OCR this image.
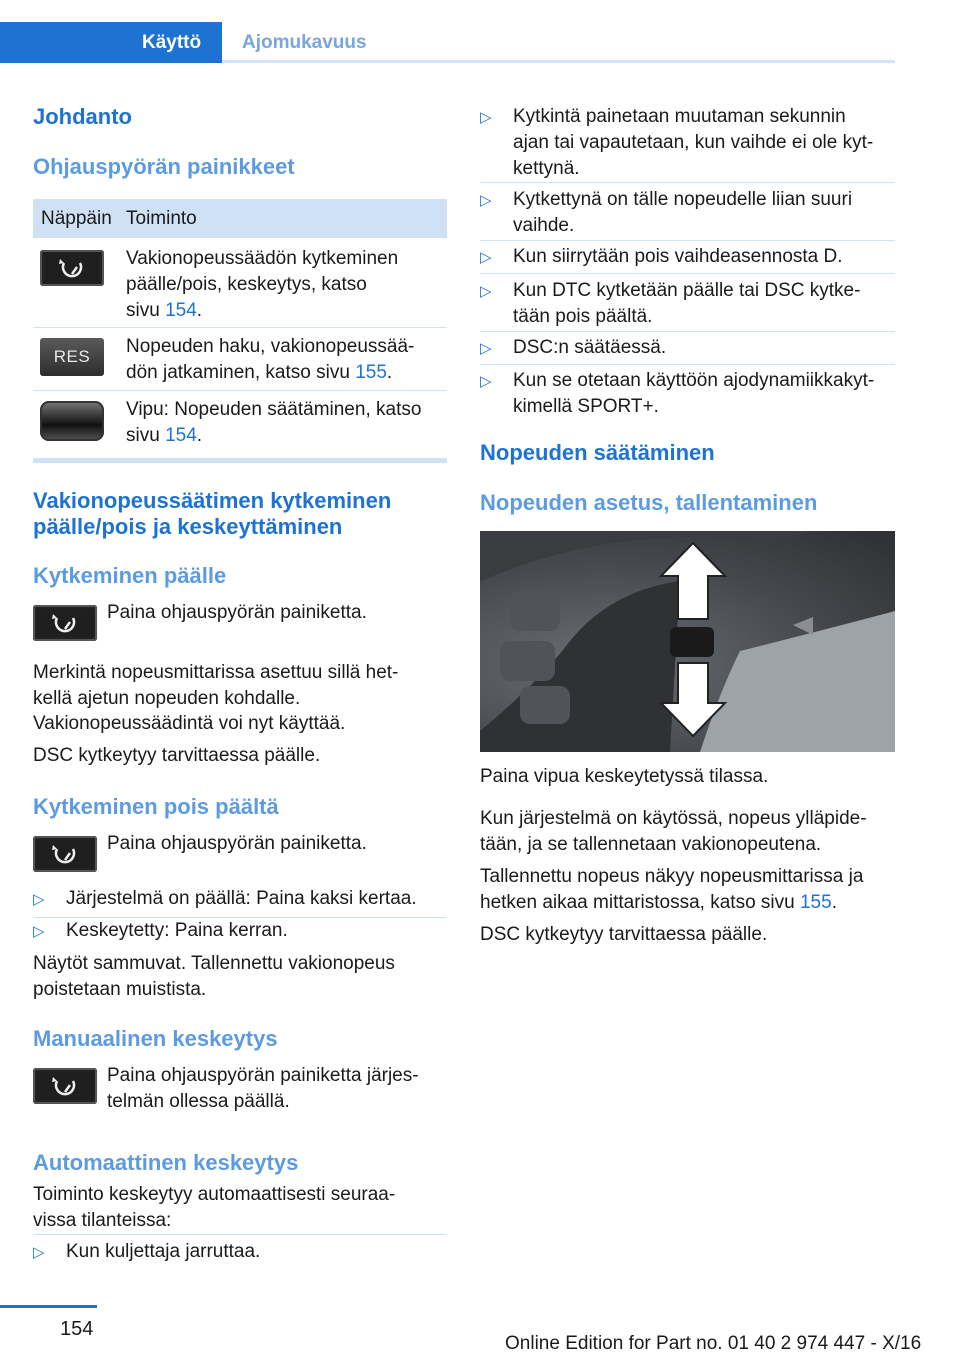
Käyttö	Ajomukavuus
Johdanto
Ohjauspyörän painikkeet
Näppäin Toiminto
Vakionopeussäädön kytkeminen
päälle/pois, keskeytys, katso
sivu 154.
RES Nopeuden haku, vakionopeussää-
dön jatkaminen, katso sivu 155.
Vipu: Nopeuden säätäminen, katso
sivu 154.
Vakionopeussäätimen kytkeminen
päälle/pois ja keskeyttäminen
Kytkeminen päälle
Paina ohjauspyörän painiketta.
Merkintä nopeusmittarissa asettuu sillä het-
kellä ajetun nopeuden kohdalle.
Vakionopeussäädintä voi nyt käyttää.
DSC kytkeytyy tarvittaessa päälle.
Kytkeminen pois päältä
Paina ohjauspyörän painiketta.
▷ Järjestelmä on päällä: Paina kaksi kertaa.
▷ Keskeytetty: Paina kerran.
Näytöt sammuvat. Tallennettu vakionopeus
poistetaan muistista.
Manuaalinen keskeytys
Paina ohjauspyörän painiketta järjes-
telmän ollessa päällä.
Automaattinen keskeytys
Toiminto keskeytyy automaattisesti seuraa-
vissa tilanteissa:
▷ Kun kuljettaja jarruttaa.
▷ Kytkintä painetaan muutaman sekunnin
ajan tai vapautetaan, kun vaihde ei ole kyt-
kettynä.
▷ Kytkettynä on tälle nopeudelle liian suuri
vaihde.
▷ Kun siirrytään pois vaihdeasennosta D.
▷ Kun DTC kytketään päälle tai DSC kytke-
tään pois päältä.
▷ DSC:n säätäessä.
▷ Kun se otetaan käyttöön ajodynamiikkakyt-
kimellä SPORT+.
Nopeuden säätäminen
Nopeuden asetus, tallentaminen
Paina vipua keskeytetyssä tilassa.
Kun järjestelmä on käytössä, nopeus ylläpide-
tään, ja se tallennetaan vakionopeutena.
Tallennettu nopeus näkyy nopeusmittarissa ja
hetken aikaa mittaristossa, katso sivu 155.
DSC kytkeytyy tarvittaessa päälle.
154
Online Edition for Part no. 01 40 2 974 447 - X/16
